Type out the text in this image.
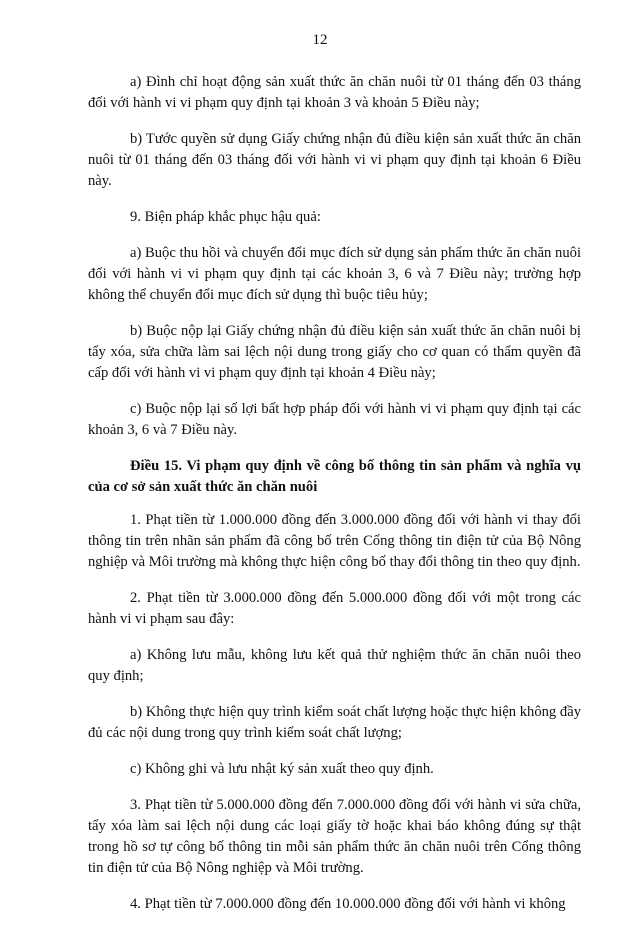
12

a) Đình chỉ hoạt động sản xuất thức ăn chăn nuôi từ 01 tháng đến 03 tháng đối với hành vi vi phạm quy định tại khoản 3 và khoản 5 Điều này;

b) Tước quyền sử dụng Giấy chứng nhận đủ điều kiện sản xuất thức ăn chăn nuôi từ 01 tháng đến 03 tháng đối với hành vi vi phạm quy định tại khoản 6 Điều này.

9. Biện pháp khắc phục hậu quả:

a) Buộc thu hồi và chuyển đổi mục đích sử dụng sản phẩm thức ăn chăn nuôi đối với hành vi vi phạm quy định tại các khoản 3, 6 và 7 Điều này; trường hợp không thể chuyển đổi mục đích sử dụng thì buộc tiêu hủy;

b) Buộc nộp lại Giấy chứng nhận đủ điều kiện sản xuất thức ăn chăn nuôi bị tẩy xóa, sửa chữa làm sai lệch nội dung trong giấy cho cơ quan có thẩm quyền đã cấp đối với hành vi vi phạm quy định tại khoản 4 Điều này;

c) Buộc nộp lại số lợi bất hợp pháp đối với hành vi vi phạm quy định tại các khoản 3, 6 và 7 Điều này.

Điều 15. Vi phạm quy định về công bố thông tin sản phẩm và nghĩa vụ của cơ sở sản xuất thức ăn chăn nuôi

1. Phạt tiền từ 1.000.000 đồng đến 3.000.000 đồng đối với hành vi thay đổi thông tin trên nhãn sản phẩm đã công bố trên Cổng thông tin điện tử của Bộ Nông nghiệp và Môi trường mà không thực hiện công bố thay đổi thông tin theo quy định.

2. Phạt tiền từ 3.000.000 đồng đến 5.000.000 đồng đối với một trong các hành vi vi phạm sau đây:

a) Không lưu mẫu, không lưu kết quả thử nghiệm thức ăn chăn nuôi theo quy định;

b) Không thực hiện quy trình kiểm soát chất lượng hoặc thực hiện không đầy đủ các nội dung trong quy trình kiểm soát chất lượng;

c) Không ghi và lưu nhật ký sản xuất theo quy định.

3. Phạt tiền từ 5.000.000 đồng đến 7.000.000 đồng đối với hành vi sửa chữa, tẩy xóa làm sai lệch nội dung các loại giấy tờ hoặc khai báo không đúng sự thật trong hồ sơ tự công bố thông tin mỗi sản phẩm thức ăn chăn nuôi trên Cổng thông tin điện tử của Bộ Nông nghiệp và Môi trường.

4. Phạt tiền từ 7.000.000 đồng đến 10.000.000 đồng đối với hành vi không
